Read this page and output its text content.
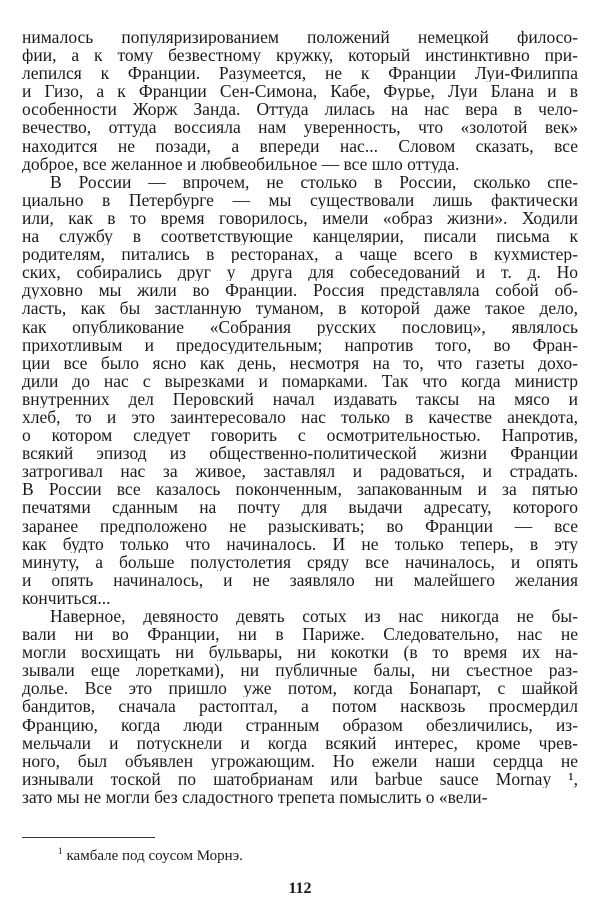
нималось популяризированием положений немецкой филосо-
фии, а к тому безвестному кружку, который инстинктивно при-
лепился к Франции. Разумеется, не к Франции Луи-Филиппа
и Гизо, а к Франции Сен-Симона, Кабе, Фурье, Луи Блана и в
особенности Жорж Занда. Оттуда лилась на нас вера в чело-
вечество, оттуда воссияла нам уверенность, что «золотой век»
находится не позади, а впереди нас... Словом сказать, все
доброе, все желанное и любвеобильное — все шло оттуда.
В России — впрочем, не столько в России, сколько спе-
циально в Петербурге — мы существовали лишь фактически
или, как в то время говорилось, имели «образ жизни». Ходили
на службу в соответствующие канцелярии, писали письма к
родителям, питались в ресторанах, а чаще всего в кухмистер-
ских, собирались друг у друга для собеседований и т. д. Но
духовно мы жили во Франции. Россия представляла собой об-
ласть, как бы застланную туманом, в которой даже такое дело,
как опубликование «Собрания русских пословиц», являлось
прихотливым и предосудительным; напротив того, во Фран-
ции все было ясно как день, несмотря на то, что газеты дохо-
дили до нас с вырезками и помарками. Так что когда министр
внутренних дел Перовский начал издавать таксы на мясо и
хлеб, то и это заинтересовало нас только в качестве анекдота,
о котором следует говорить с осмотрительностью. Напротив,
всякий эпизод из общественно-политической жизни Франции
затрогивал нас за живое, заставлял и радоваться, и страдать.
В России все казалось поконченным, запакованным и за пятью
печатями сданным на почту для выдачи адресату, которого
заранее предположено не разыскивать; во Франции — все
как будто только что начиналось. И не только теперь, в эту
минуту, а больше полустолетия сряду все начиналось, и опять
и опять начиналось, и не заявляло ни малейшего желания
кончиться...
Наверное, девяносто девять сотых из нас никогда не бы-
вали ни во Франции, ни в Париже. Следовательно, нас не
могли восхищать ни бульвары, ни кокотки (в то время их на-
зывали еще лоретками), ни публичные балы, ни съестное раз-
долье. Все это пришло уже потом, когда Бонапарт, с шайкой
бандитов, сначала растоптал, а потом насквозь просмердил
Францию, когда люди странным образом обезличились, из-
мельчали и потускнели и когда всякий интерес, кроме чрев-
ного, был объявлен угрожающим. Но ежели наши сердца не
изнывали тоской по шатобрианам или barbue sauce Mornay ¹,
зато мы не могли без сладостного трепета помыслить о «вели-
$^1$ камбале под соусом Морнэ.
112
